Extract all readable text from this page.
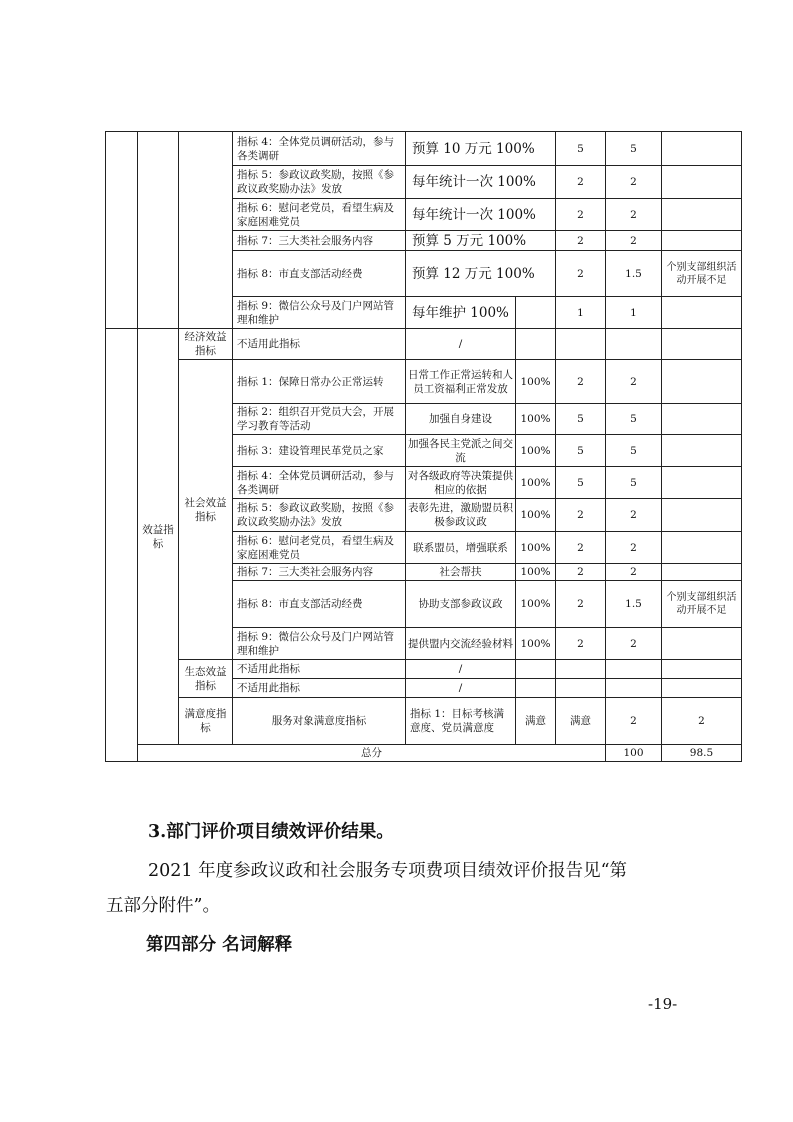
			指标 4：全体党员调研活动，参与各类调研	预算 10 万元 100%		5	5		
			指标 5：参政议政奖励，按照《参政议政奖励办法》发放	每年统计一次 100%		2	2		
			指标 6：慰问老党员，看望生病及家庭困难党员	每年统计一次 100%		2	2		
			指标 7：三大类社会服务内容	预算 5 万元 100%		2	2		
			指标 8：市直支部活动经费	预算 12 万元 100%		2	1.5	个别支部组织活动开展不足	
			指标 9：微信公众号及门户网站管理和维护	每年维护 100%		1	1		
	效益指标	经济效益指标	不适用此指标	/					
		社会效益指标	指标 1：保障日常办公正常运转	日常工作正常运转和人员工资福利正常发放	100%	2	2		
			指标 2：组织召开党员大会，开展学习教育等活动	加强自身建设	100%	5	5		
			指标 3：建设管理民革党员之家	加强各民主党派之间交流	100%	5	5		
			指标 4：全体党员调研活动，参与各类调研	对各级政府等决策提供相应的依据	100%	5	5		
			指标 5：参政议政奖励，按照《参政议政奖励办法》发放	表彰先进，激励盟员积极参政议政	100%	2	2		
			指标 6：慰问老党员，看望生病及家庭困难党员	联系盟员，增强联系	100%	2	2		
			指标 7：三大类社会服务内容	社会帮扶	100%	2	2		
			指标 8：市直支部活动经费	协助支部参政议政	100%	2	1.5	个别支部组织活动开展不足	
			指标 9：微信公众号及门户网站管理和维护	提供盟内交流经验材料	100%	2	2		
		生态效益指标	不适用此指标	/					
			不适用此指标	/					
		满意度指标	服务对象满意度指标	指标 1：目标考核满意度、党员满意度	满意	满意	2	2	
	总分						100	98.5	

3.部门评价项目绩效评价结果。

2021 年度参政议政和社会服务专项费项目绩效评价报告见“第

五部分附件”。

第四部分 名词解释

-19-
